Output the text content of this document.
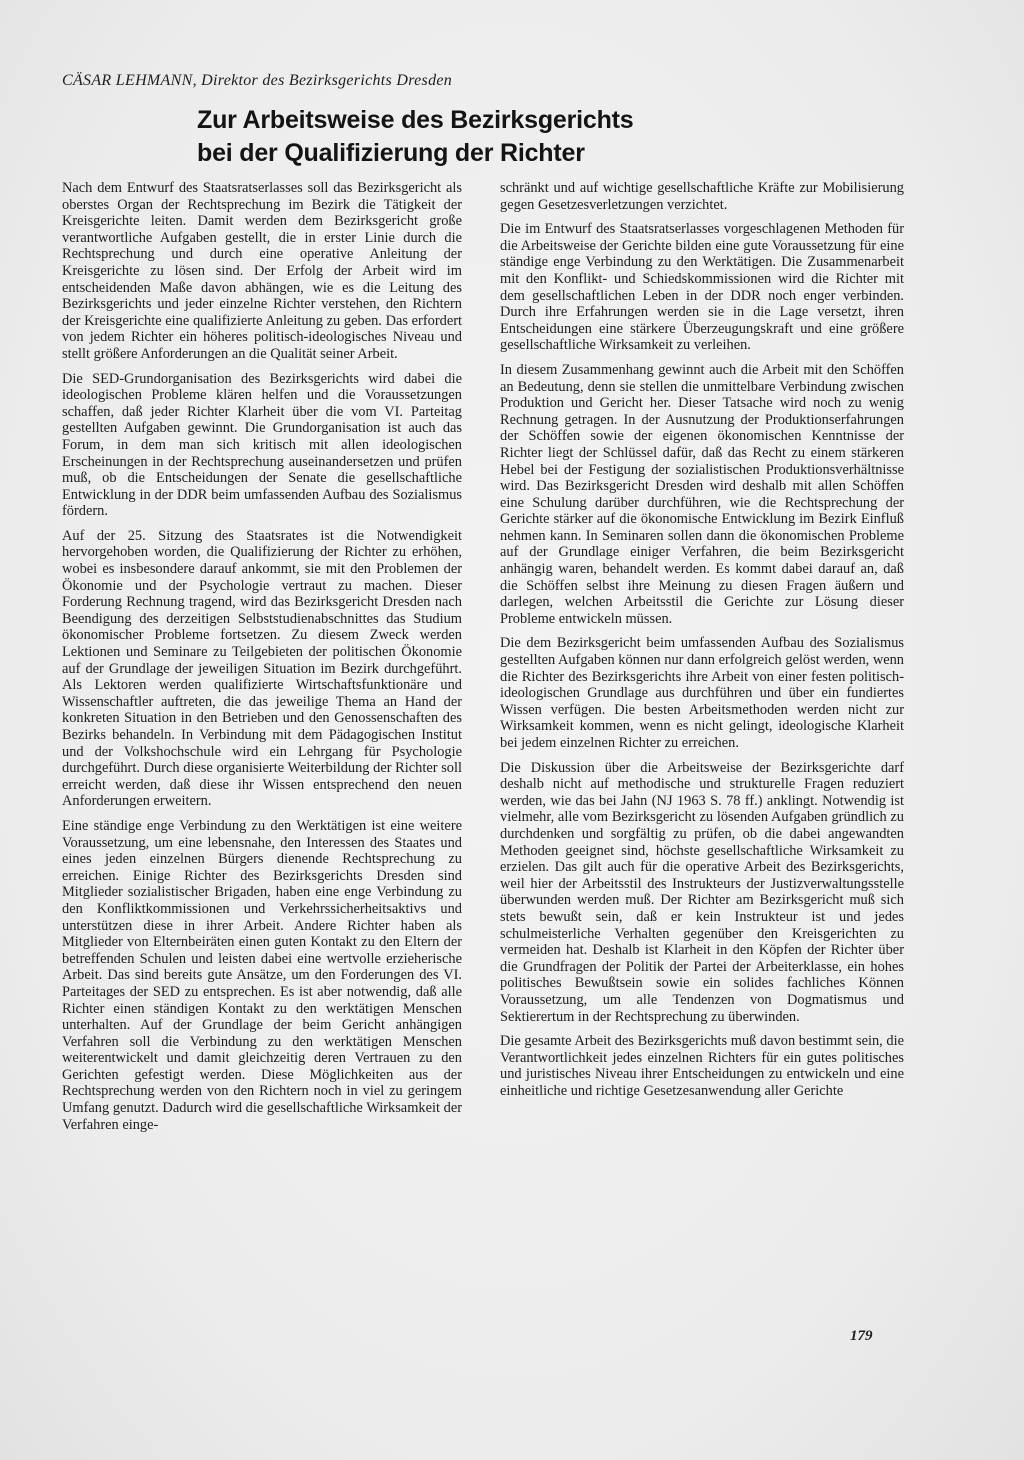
CÄSAR LEHMANN, Direktor des Bezirksgerichts Dresden
Zur Arbeitsweise des Bezirksgerichts
bei der Qualifizierung der Richter

Nach dem Entwurf des Staatsratserlasses soll das Bezirksgericht als oberstes Organ der Rechtsprechung im Bezirk die Tätigkeit der Kreisgerichte leiten. Damit werden dem Bezirksgericht große verantwortliche Aufgaben gestellt, die in erster Linie durch die Rechtsprechung und durch eine operative Anleitung der Kreisgerichte zu lösen sind. Der Erfolg der Arbeit wird im entscheidenden Maße davon abhängen, wie es die Leitung des Bezirksgerichts und jeder einzelne Richter verstehen, den Richtern der Kreisgerichte eine qualifizierte Anleitung zu geben. Das erfordert von jedem Richter ein höheres politisch-ideologisches Niveau und stellt größere Anforderungen an die Qualität seiner Arbeit.

Die SED-Grundorganisation des Bezirksgerichts wird dabei die ideologischen Probleme klären helfen und die Voraussetzungen schaffen, daß jeder Richter Klarheit über die vom VI. Parteitag gestellten Aufgaben gewinnt. Die Grundorganisation ist auch das Forum, in dem man sich kritisch mit allen ideologischen Erscheinungen in der Rechtsprechung auseinandersetzen und prüfen muß, ob die Entscheidungen der Senate die gesellschaftliche Entwicklung in der DDR beim umfassenden Aufbau des Sozialismus fördern.

Auf der 25. Sitzung des Staatsrates ist die Notwendigkeit hervorgehoben worden, die Qualifizierung der Richter zu erhöhen, wobei es insbesondere darauf ankommt, sie mit den Problemen der Ökonomie und der Psychologie vertraut zu machen. Dieser Forderung Rechnung tragend, wird das Bezirksgericht Dresden nach Beendigung des derzeitigen Selbststudienabschnittes das Studium ökonomischer Probleme fortsetzen. Zu diesem Zweck werden Lektionen und Seminare zu Teilgebieten der politischen Ökonomie auf der Grundlage der jeweiligen Situation im Bezirk durchgeführt. Als Lektoren werden qualifizierte Wirtschaftsfunktionäre und Wissenschaftler auftreten, die das jeweilige Thema an Hand der konkreten Situation in den Betrieben und den Genossenschaften des Bezirks behandeln. In Verbindung mit dem Pädagogischen Institut und der Volkshochschule wird ein Lehrgang für Psychologie durchgeführt. Durch diese organisierte Weiterbildung der Richter soll erreicht werden, daß diese ihr Wissen entsprechend den neuen Anforderungen erweitern.

Eine ständige enge Verbindung zu den Werktätigen ist eine weitere Voraussetzung, um eine lebensnahe, den Interessen des Staates und eines jeden einzelnen Bürgers dienende Rechtsprechung zu erreichen. Einige Richter des Bezirksgerichts Dresden sind Mitglieder sozialistischer Brigaden, haben eine enge Verbindung zu den Konfliktkommissionen und Verkehrssicherheitsaktivs und unterstützen diese in ihrer Arbeit. Andere Richter haben als Mitglieder von Elternbeiräten einen guten Kontakt zu den Eltern der betreffenden Schulen und leisten dabei eine wertvolle erzieherische Arbeit. Das sind bereits gute Ansätze, um den Forderungen des VI. Parteitages der SED zu entsprechen. Es ist aber notwendig, daß alle Richter einen ständigen Kontakt zu den werktätigen Menschen unterhalten. Auf der Grundlage der beim Gericht anhängigen Verfahren soll die Verbindung zu den werktätigen Menschen weiterentwickelt und damit gleichzeitig deren Vertrauen zu den Gerichten gefestigt werden. Diese Möglichkeiten aus der Rechtsprechung werden von den Richtern noch in viel zu geringem Umfang genutzt. Dadurch wird die gesellschaftliche Wirksamkeit der Verfahren einge-

schränkt und auf wichtige gesellschaftliche Kräfte zur Mobilisierung gegen Gesetzesverletzungen verzichtet.

Die im Entwurf des Staatsratserlasses vorgeschlagenen Methoden für die Arbeitsweise der Gerichte bilden eine gute Voraussetzung für eine ständige enge Verbindung zu den Werktätigen. Die Zusammenarbeit mit den Konflikt- und Schiedskommissionen wird die Richter mit dem gesellschaftlichen Leben in der DDR noch enger verbinden. Durch ihre Erfahrungen werden sie in die Lage versetzt, ihren Entscheidungen eine stärkere Überzeugungskraft und eine größere gesellschaftliche Wirksamkeit zu verleihen.

In diesem Zusammenhang gewinnt auch die Arbeit mit den Schöffen an Bedeutung, denn sie stellen die unmittelbare Verbindung zwischen Produktion und Gericht her. Dieser Tatsache wird noch zu wenig Rechnung getragen. In der Ausnutzung der Produktionserfahrungen der Schöffen sowie der eigenen ökonomischen Kenntnisse der Richter liegt der Schlüssel dafür, daß das Recht zu einem stärkeren Hebel bei der Festigung der sozialistischen Produktionsverhältnisse wird. Das Bezirksgericht Dresden wird deshalb mit allen Schöffen eine Schulung darüber durchführen, wie die Rechtsprechung der Gerichte stärker auf die ökonomische Entwicklung im Bezirk Einfluß nehmen kann. In Seminaren sollen dann die ökonomischen Probleme auf der Grundlage einiger Verfahren, die beim Bezirksgericht anhängig waren, behandelt werden. Es kommt dabei darauf an, daß die Schöffen selbst ihre Meinung zu diesen Fragen äußern und darlegen, welchen Arbeitsstil die Gerichte zur Lösung dieser Probleme entwickeln müssen.

Die dem Bezirksgericht beim umfassenden Aufbau des Sozialismus gestellten Aufgaben können nur dann erfolgreich gelöst werden, wenn die Richter des Bezirksgerichts ihre Arbeit von einer festen politisch-ideologischen Grundlage aus durchführen und über ein fundiertes Wissen verfügen. Die besten Arbeitsmethoden werden nicht zur Wirksamkeit kommen, wenn es nicht gelingt, ideologische Klarheit bei jedem einzelnen Richter zu erreichen.

Die Diskussion über die Arbeitsweise der Bezirksgerichte darf deshalb nicht auf methodische und strukturelle Fragen reduziert werden, wie das bei Jahn (NJ 1963 S. 78 ff.) anklingt. Notwendig ist vielmehr, alle vom Bezirksgericht zu lösenden Aufgaben gründlich zu durchdenken und sorgfältig zu prüfen, ob die dabei angewandten Methoden geeignet sind, höchste gesellschaftliche Wirksamkeit zu erzielen. Das gilt auch für die operative Arbeit des Bezirksgerichts, weil hier der Arbeitsstil des Instrukteurs der Justizverwaltungsstelle überwunden werden muß. Der Richter am Bezirksgericht muß sich stets bewußt sein, daß er kein Instrukteur ist und jedes schulmeisterliche Verhalten gegenüber den Kreisgerichten zu vermeiden hat. Deshalb ist Klarheit in den Köpfen der Richter über die Grundfragen der Politik der Partei der Arbeiterklasse, ein hohes politisches Bewußtsein sowie ein solides fachliches Können Voraussetzung, um alle Tendenzen von Dogmatismus und Sektierertum in der Rechtsprechung zu überwinden.

Die gesamte Arbeit des Bezirksgerichts muß davon bestimmt sein, die Verantwortlichkeit jedes einzelnen Richters für ein gutes politisches und juristisches Niveau ihrer Entscheidungen zu entwickeln und eine einheitliche und richtige Gesetzesanwendung aller Gerichte

179
